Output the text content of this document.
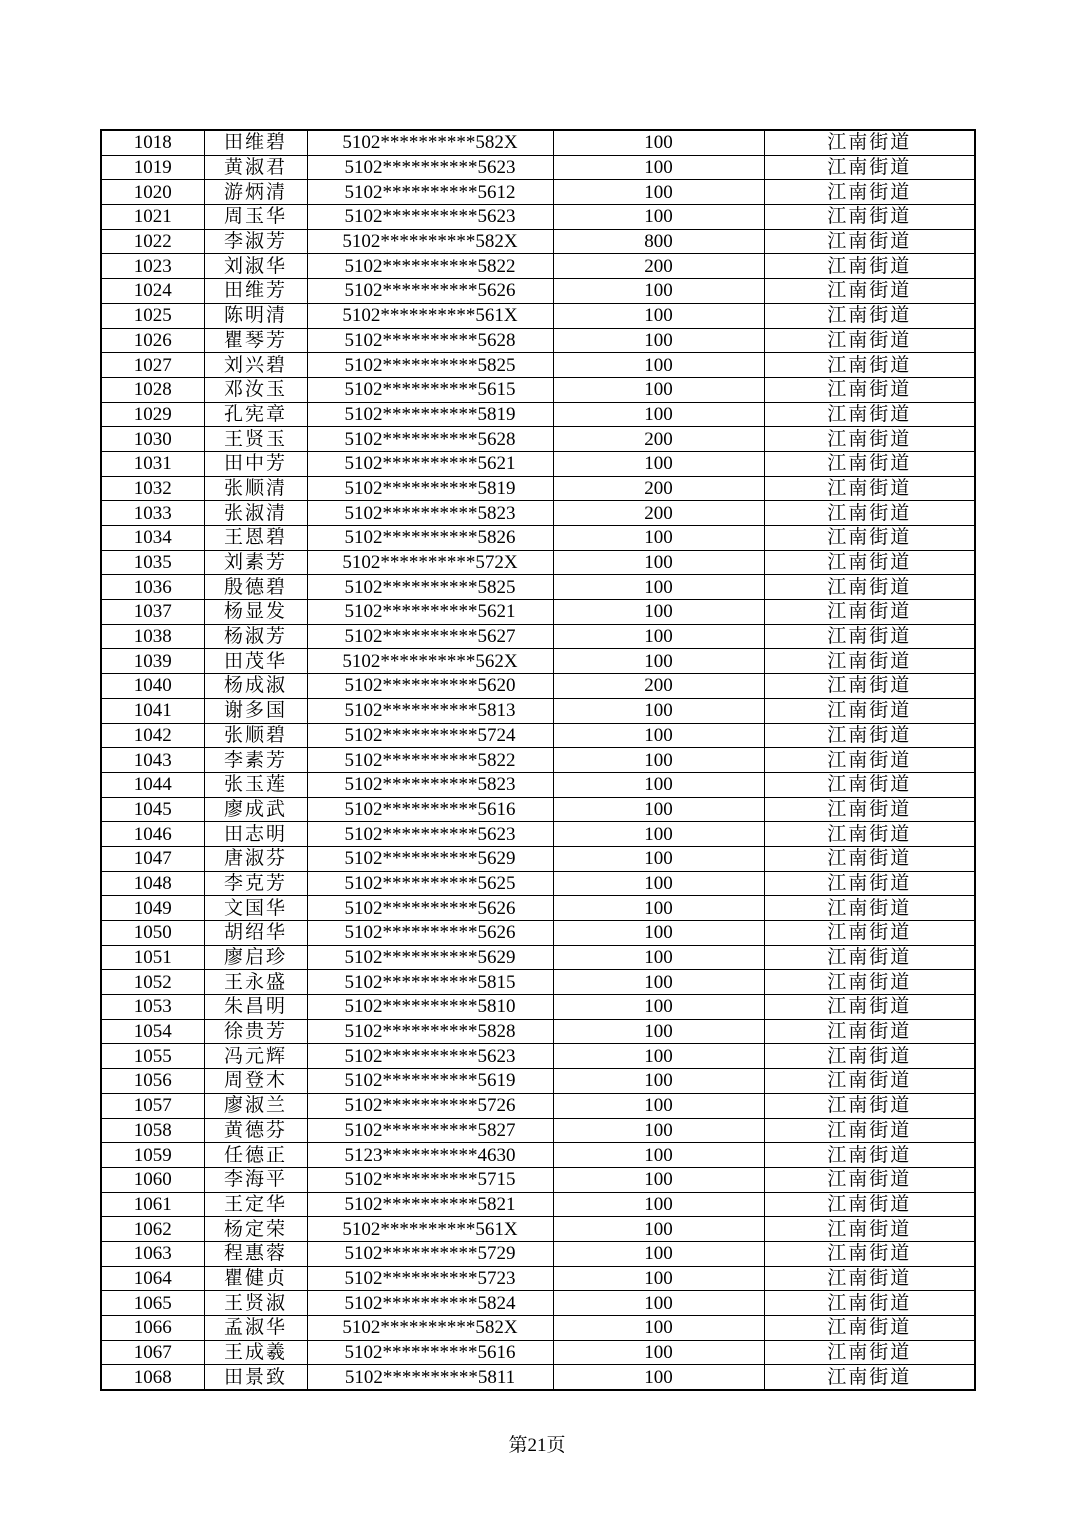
1018	田维碧	5102**********582X	100	江南街道
1019	黄淑君	5102**********5623	100	江南街道
1020	游炳清	5102**********5612	100	江南街道
1021	周玉华	5102**********5623	100	江南街道
1022	李淑芳	5102**********582X	800	江南街道
1023	刘淑华	5102**********5822	200	江南街道
1024	田维芳	5102**********5626	100	江南街道
1025	陈明清	5102**********561X	100	江南街道
1026	瞿琴芳	5102**********5628	100	江南街道
1027	刘兴碧	5102**********5825	100	江南街道
1028	邓汝玉	5102**********5615	100	江南街道
1029	孔宪章	5102**********5819	100	江南街道
1030	王贤玉	5102**********5628	200	江南街道
1031	田中芳	5102**********5621	100	江南街道
1032	张顺清	5102**********5819	200	江南街道
1033	张淑清	5102**********5823	200	江南街道
1034	王恩碧	5102**********5826	100	江南街道
1035	刘素芳	5102**********572X	100	江南街道
1036	殷德碧	5102**********5825	100	江南街道
1037	杨显发	5102**********5621	100	江南街道
1038	杨淑芳	5102**********5627	100	江南街道
1039	田茂华	5102**********562X	100	江南街道
1040	杨成淑	5102**********5620	200	江南街道
1041	谢多国	5102**********5813	100	江南街道
1042	张顺碧	5102**********5724	100	江南街道
1043	李素芳	5102**********5822	100	江南街道
1044	张玉莲	5102**********5823	100	江南街道
1045	廖成武	5102**********5616	100	江南街道
1046	田志明	5102**********5623	100	江南街道
1047	唐淑芬	5102**********5629	100	江南街道
1048	李克芳	5102**********5625	100	江南街道
1049	文国华	5102**********5626	100	江南街道
1050	胡绍华	5102**********5626	100	江南街道
1051	廖启珍	5102**********5629	100	江南街道
1052	王永盛	5102**********5815	100	江南街道
1053	朱昌明	5102**********5810	100	江南街道
1054	徐贵芳	5102**********5828	100	江南街道
1055	冯元辉	5102**********5623	100	江南街道
1056	周登木	5102**********5619	100	江南街道
1057	廖淑兰	5102**********5726	100	江南街道
1058	黄德芬	5102**********5827	100	江南街道
1059	任德正	5123**********4630	100	江南街道
1060	李海平	5102**********5715	100	江南街道
1061	王定华	5102**********5821	100	江南街道
1062	杨定荣	5102**********561X	100	江南街道
1063	程惠蓉	5102**********5729	100	江南街道
1064	瞿健贞	5102**********5723	100	江南街道
1065	王贤淑	5102**********5824	100	江南街道
1066	孟淑华	5102**********582X	100	江南街道
1067	王成羲	5102**********5616	100	江南街道
1068	田景致	5102**********5811	100	江南街道
第21页
